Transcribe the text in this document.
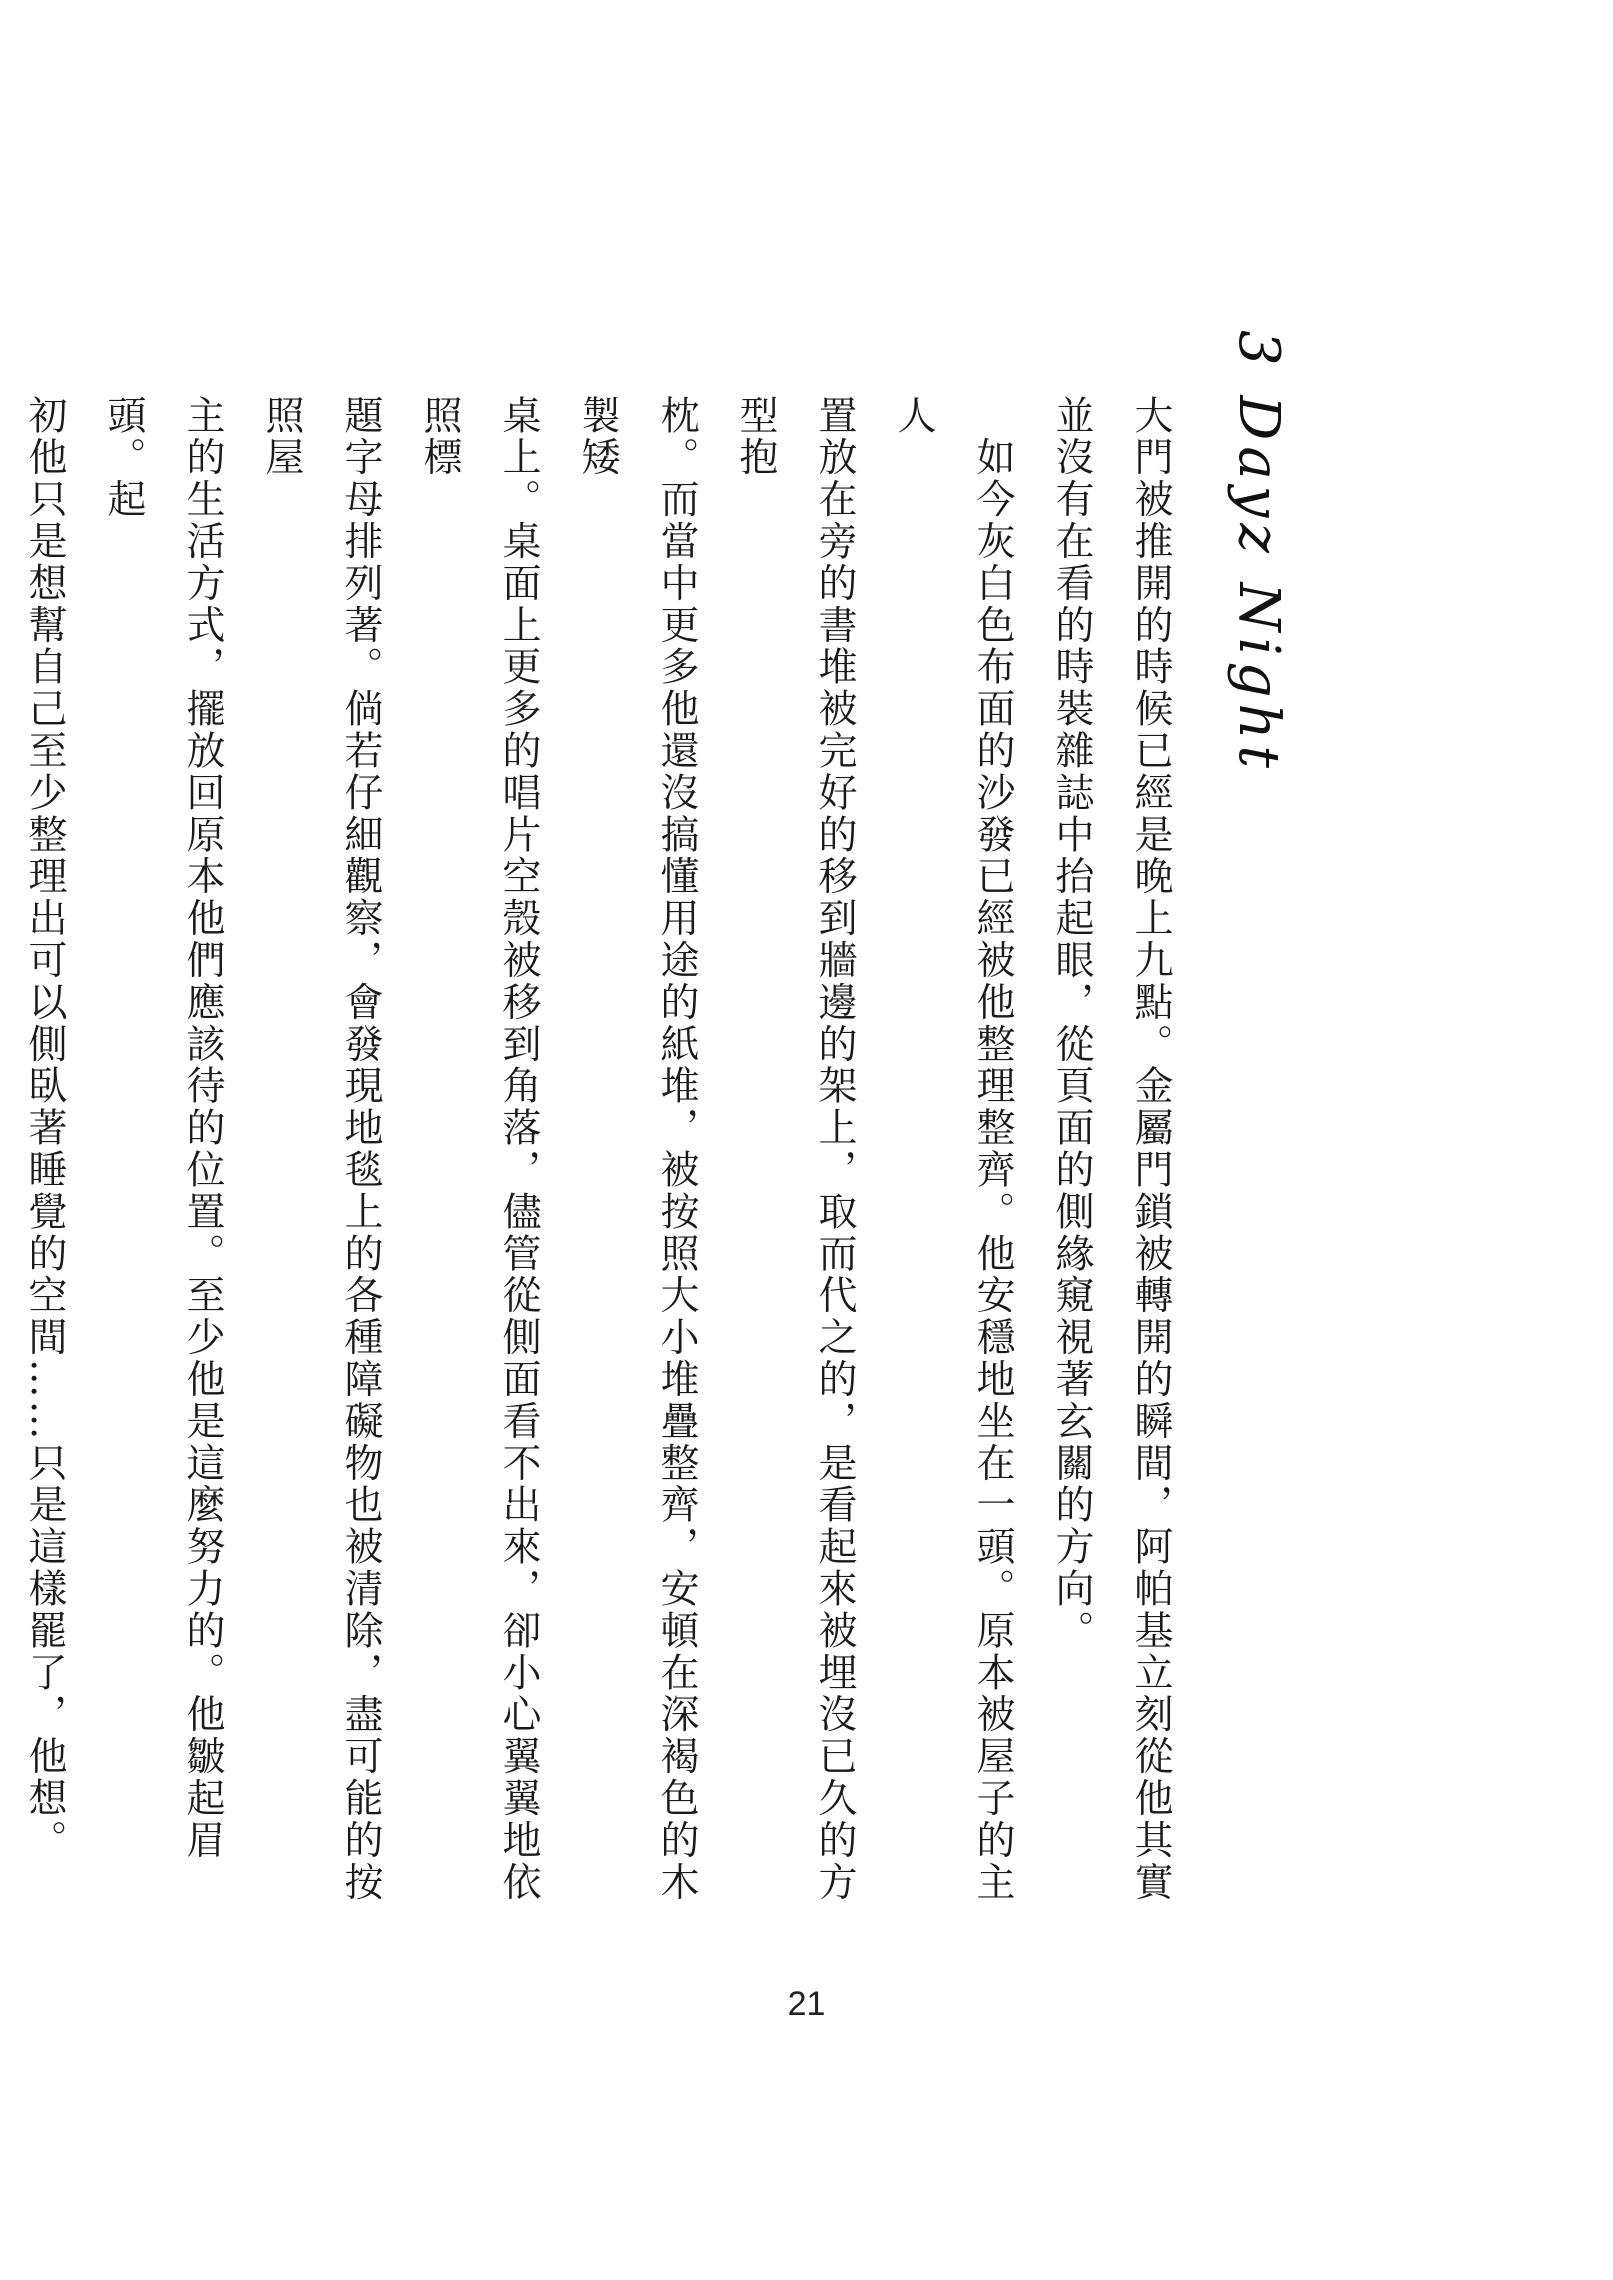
3 Dayz Night

大門被推開的時候已經是晚上九點。金屬門鎖被轉開的瞬間，阿帕基立刻從他其實
並沒有在看的時裝雜誌中抬起眼，從頁面的側緣窺視著玄關的方向。

　如今灰白色布面的沙發已經被他整理整齊。他安穩地坐在一頭。原本被屋子的主人
置放在旁的書堆被完好的移到牆邊的架上，取而代之的，是看起來被埋沒已久的方型抱
枕。而當中更多他還沒搞懂用途的紙堆，被按照大小堆疊整齊，安頓在深褐色的木製矮
桌上。桌面上更多的唱片空殼被移到角落，儘管從側面看不出來，卻小心翼翼地依照標
題字母排列著。倘若仔細觀察，會發現地毯上的各種障礙物也被清除，盡可能的按照屋
主的生活方式，擺放回原本他們應該待的位置。至少他是這麼努力的。他皺起眉頭。起
初他只是想幫自己至少整理出可以側臥著睡覺的空間……只是這樣罷了，他想。

21
